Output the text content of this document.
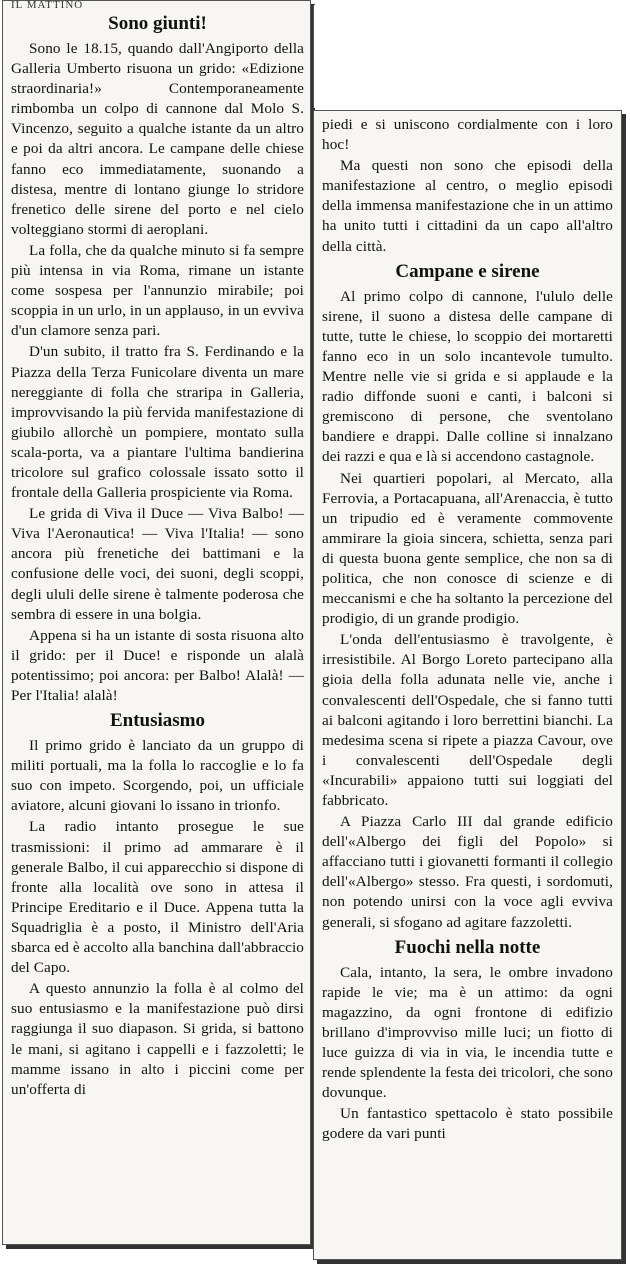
IL MATTINO
Sono giunti!

Sono le 18.15, quando dall'Angiporto della Galleria Umberto risuona un grido: «Edizione straordinaria!» Contemporaneamente rimbomba un colpo di cannone dal Molo S. Vincenzo, seguito a qualche istante da un altro e poi da altri ancora. Le campane delle chiese fanno eco immediatamente, suonando a distesa, mentre di lontano giunge lo stridore frenetico delle sirene del porto e nel cielo volteggiano stormi di aeroplani.

La folla, che da qualche minuto si fa sempre più intensa in via Roma, rimane un istante come sospesa per l'annunzio mirabile; poi scoppia in un urlo, in un applauso, in un evviva d'un clamore senza pari.

D'un subito, il tratto fra S. Ferdinando e la Piazza della Terza Funicolare diventa un mare nereggiante di folla che straripa in Galleria, improvvisando la più fervida manifestazione di giubilo allorchè un pompiere, montato sulla scala-porta, va a piantare l'ultima bandierina tricolore sul grafico colossale issato sotto il frontale della Galleria prospiciente via Roma.

Le grida di Viva il Duce — Viva Balbo! — Viva l'Aeronautica! — Viva l'Italia! — sono ancora più frenetiche dei battimani e la confusione delle voci, dei suoni, degli scoppi, degli ululi delle sirene è talmente poderosa che sembra di essere in una bolgia.

Appena si ha un istante di sosta risuona alto il grido: per il Duce! e risponde un alalà potentissimo; poi ancora: per Balbo! Alalà! — Per l'Italia! alalà!

Entusiasmo

Il primo grido è lanciato da un gruppo di militi portuali, ma la folla lo raccoglie e lo fa suo con impeto. Scorgendo, poi, un ufficiale aviatore, alcuni giovani lo issano in trionfo.

La radio intanto prosegue le sue trasmissioni: il primo ad ammarare è il generale Balbo, il cui apparecchio si dispone di fronte alla località ove sono in attesa il Principe Ereditario e il Duce. Appena tutta la Squadriglia è a posto, il Ministro dell'Aria sbarca ed è accolto alla banchina dall'abbraccio del Capo.

A questo annunzio la folla è al colmo del suo entusiasmo e la manifestazione può dirsi raggiunga il suo diapason. Si grida, si battono le mani, si agitano i cappelli e i fazzoletti; le mamme issano in alto i piccini come per un'offerta di

piedi e si uniscono cordialmente con i loro hoc!

Ma questi non sono che episodi della manifestazione al centro, o meglio episodi della immensa manifestazione che in un attimo ha unito tutti i cittadini da un capo all'altro della città.

Campane e sirene

Al primo colpo di cannone, l'ululo delle sirene, il suono a distesa delle campane di tutte, tutte le chiese, lo scoppio dei mortaretti fanno eco in un solo incantevole tumulto. Mentre nelle vie si grida e si applaude e la radio diffonde suoni e canti, i balconi si gremiscono di persone, che sventolano bandiere e drappi. Dalle colline si innalzano dei razzi e qua e là si accendono castagnole.

Nei quartieri popolari, al Mercato, alla Ferrovia, a Portacapuana, all'Arenaccia, è tutto un tripudio ed è veramente commovente ammirare la gioia sincera, schietta, senza pari di questa buona gente semplice, che non sa di politica, che non conosce di scienze e di meccanismi e che ha soltanto la percezione del prodigio, di un grande prodigio.

L'onda dell'entusiasmo è travolgente, è irresistibile. Al Borgo Loreto partecipano alla gioia della folla adunata nelle vie, anche i convalescenti dell'Ospedale, che si fanno tutti ai balconi agitando i loro berrettini bianchi. La medesima scena si ripete a piazza Cavour, ove i convalescenti dell'Ospedale degli «Incurabili» appaiono tutti sui loggiati del fabbricato.

A Piazza Carlo III dal grande edificio dell'«Albergo dei figli del Popolo» si affacciano tutti i giovanetti formanti il collegio dell'«Albergo» stesso. Fra questi, i sordomuti, non potendo unirsi con la voce agli evviva generali, si sfogano ad agitare fazzoletti.

Fuochi nella notte

Cala, intanto, la sera, le ombre invadono rapide le vie; ma è un attimo: da ogni magazzino, da ogni frontone di edifizio brillano d'improvviso mille luci; un fiotto di luce guizza di via in via, le incendia tutte e rende splendente la festa dei tricolori, che sono dovunque.

Un fantastico spettacolo è stato possibile godere da vari punti
